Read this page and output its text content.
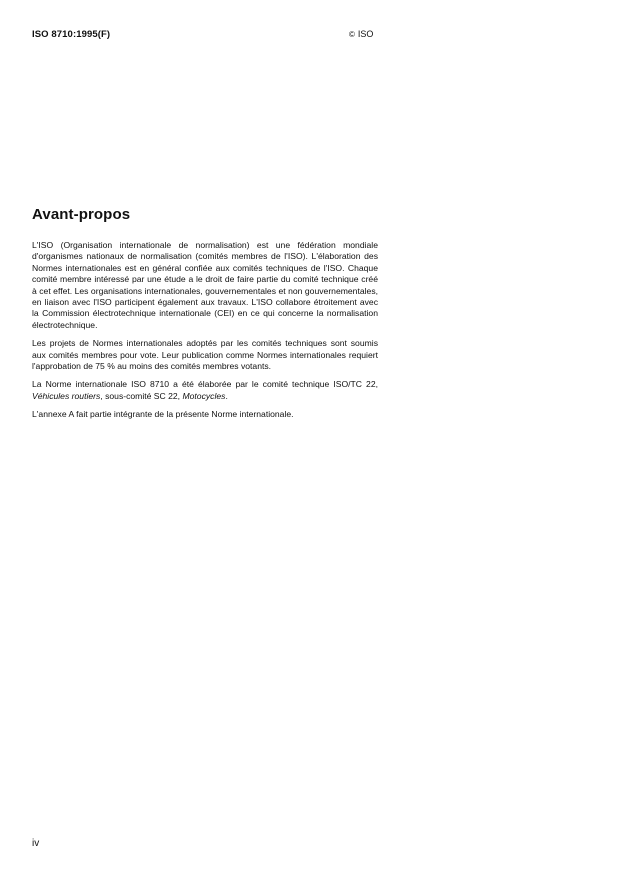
ISO 8710:1995(F)	© ISO
Avant-propos

L'ISO (Organisation internationale de normalisation) est une fédération mondiale d'organismes nationaux de normalisation (comités membres de l'ISO). L'élaboration des Normes internationales est en général confiée aux comités techniques de l'ISO. Chaque comité membre intéressé par une étude a le droit de faire partie du comité technique créé à cet effet. Les organisations internationales, gouvernementales et non gouvernementales, en liaison avec l'ISO participent également aux travaux. L'ISO collabore étroitement avec la Commission électrotechnique internationale (CEI) en ce qui concerne la normalisation électrotechnique.

Les projets de Normes internationales adoptés par les comités techniques sont soumis aux comités membres pour vote. Leur publication comme Normes internationales requiert l'approbation de 75 % au moins des comités membres votants.

La Norme internationale ISO 8710 a été élaborée par le comité technique ISO/TC 22, Véhicules routiers, sous-comité SC 22, Motocycles.

L'annexe A fait partie intégrante de la présente Norme internationale.

iv
